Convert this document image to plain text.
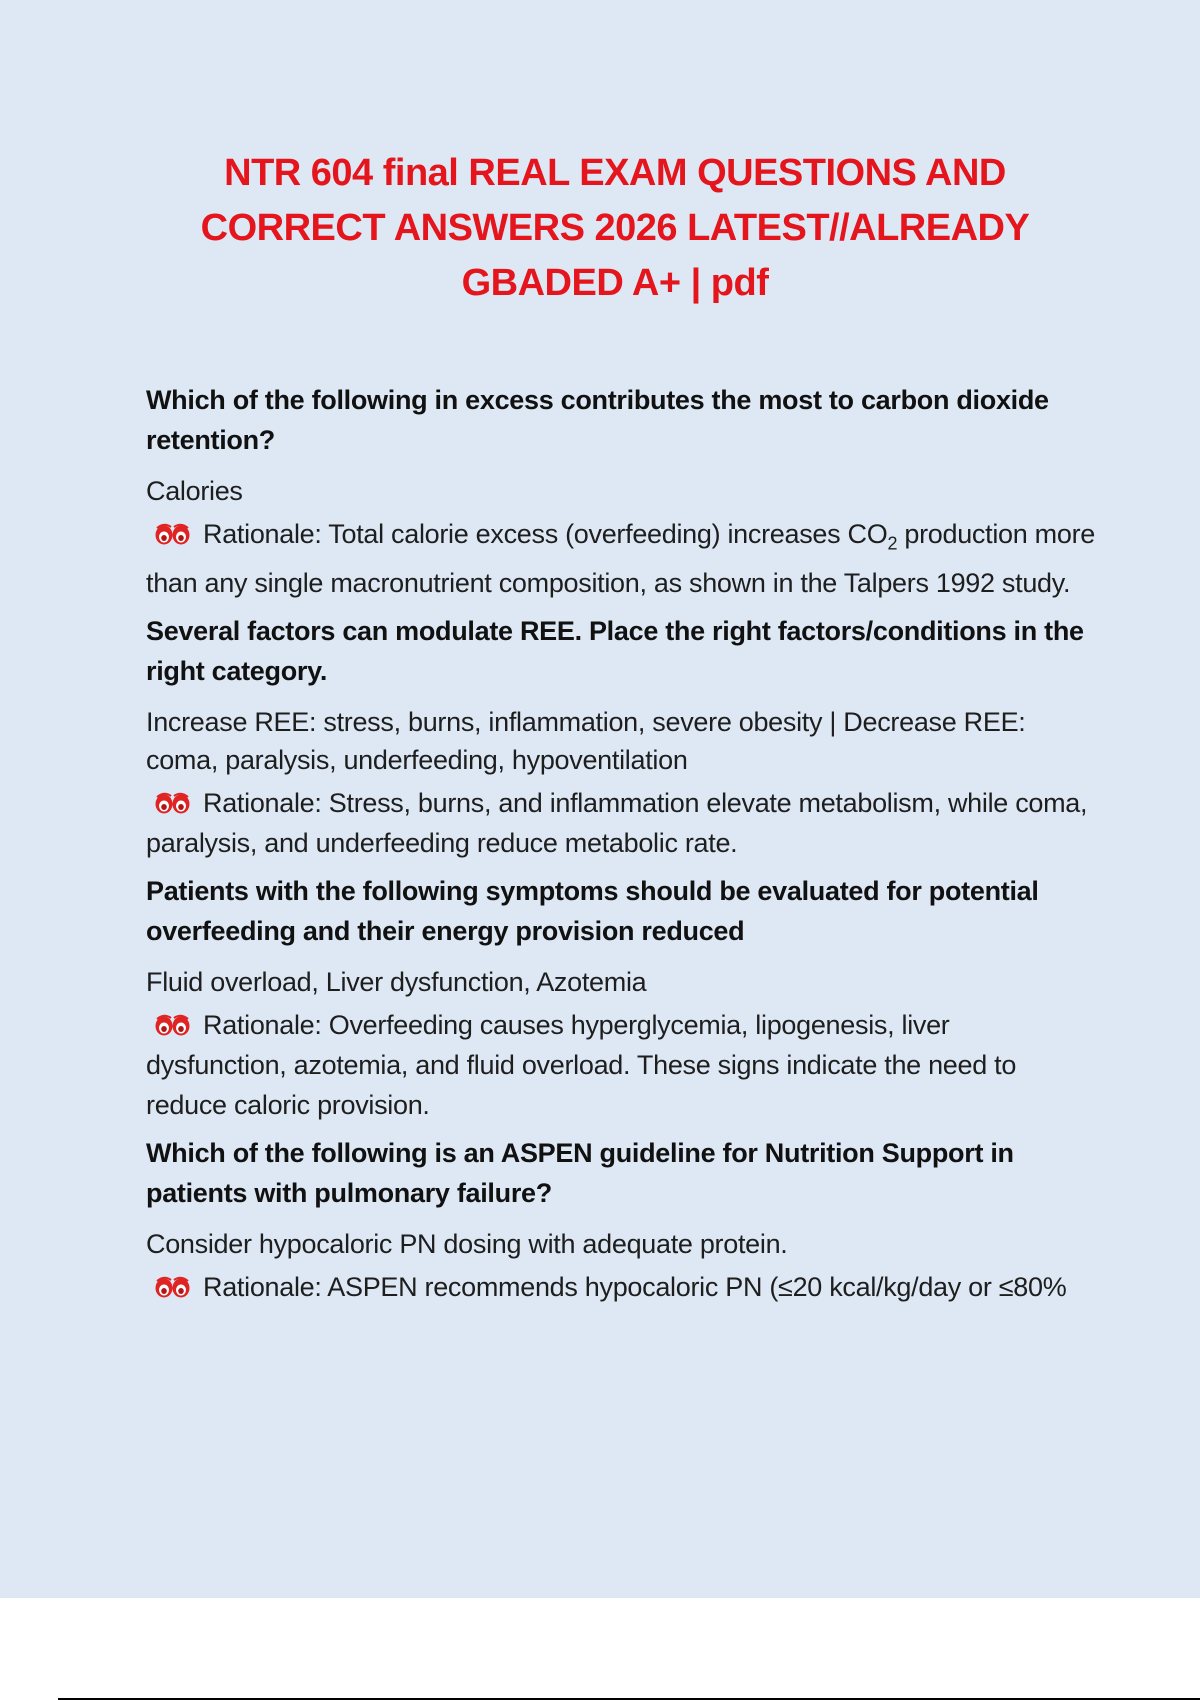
NTR 604 final REAL EXAM QUESTIONS AND CORRECT ANSWERS 2026 LATEST//ALREADY GBADED A+ | pdf

Which of the following in excess contributes the most to carbon dioxide retention?

Calories

Rationale: Total calorie excess (overfeeding) increases $CO_2$ production more than any single macronutrient composition, as shown in the Talpers 1992 study.

Several factors can modulate REE. Place the right factors/conditions in the right category.

Increase REE: stress, burns, inflammation, severe obesity | Decrease REE: coma, paralysis, underfeeding, hypoventilation

Rationale: Stress, burns, and inflammation elevate metabolism, while coma, paralysis, and underfeeding reduce metabolic rate.

Patients with the following symptoms should be evaluated for potential overfeeding and their energy provision reduced

Fluid overload, Liver dysfunction, Azotemia

Rationale: Overfeeding causes hyperglycemia, lipogenesis, liver dysfunction, azotemia, and fluid overload. These signs indicate the need to reduce caloric provision.

Which of the following is an ASPEN guideline for Nutrition Support in patients with pulmonary failure?

Consider hypocaloric PN dosing with adequate protein.

Rationale: ASPEN recommends hypocaloric PN (≤20 kcal/kg/day or ≤80%
